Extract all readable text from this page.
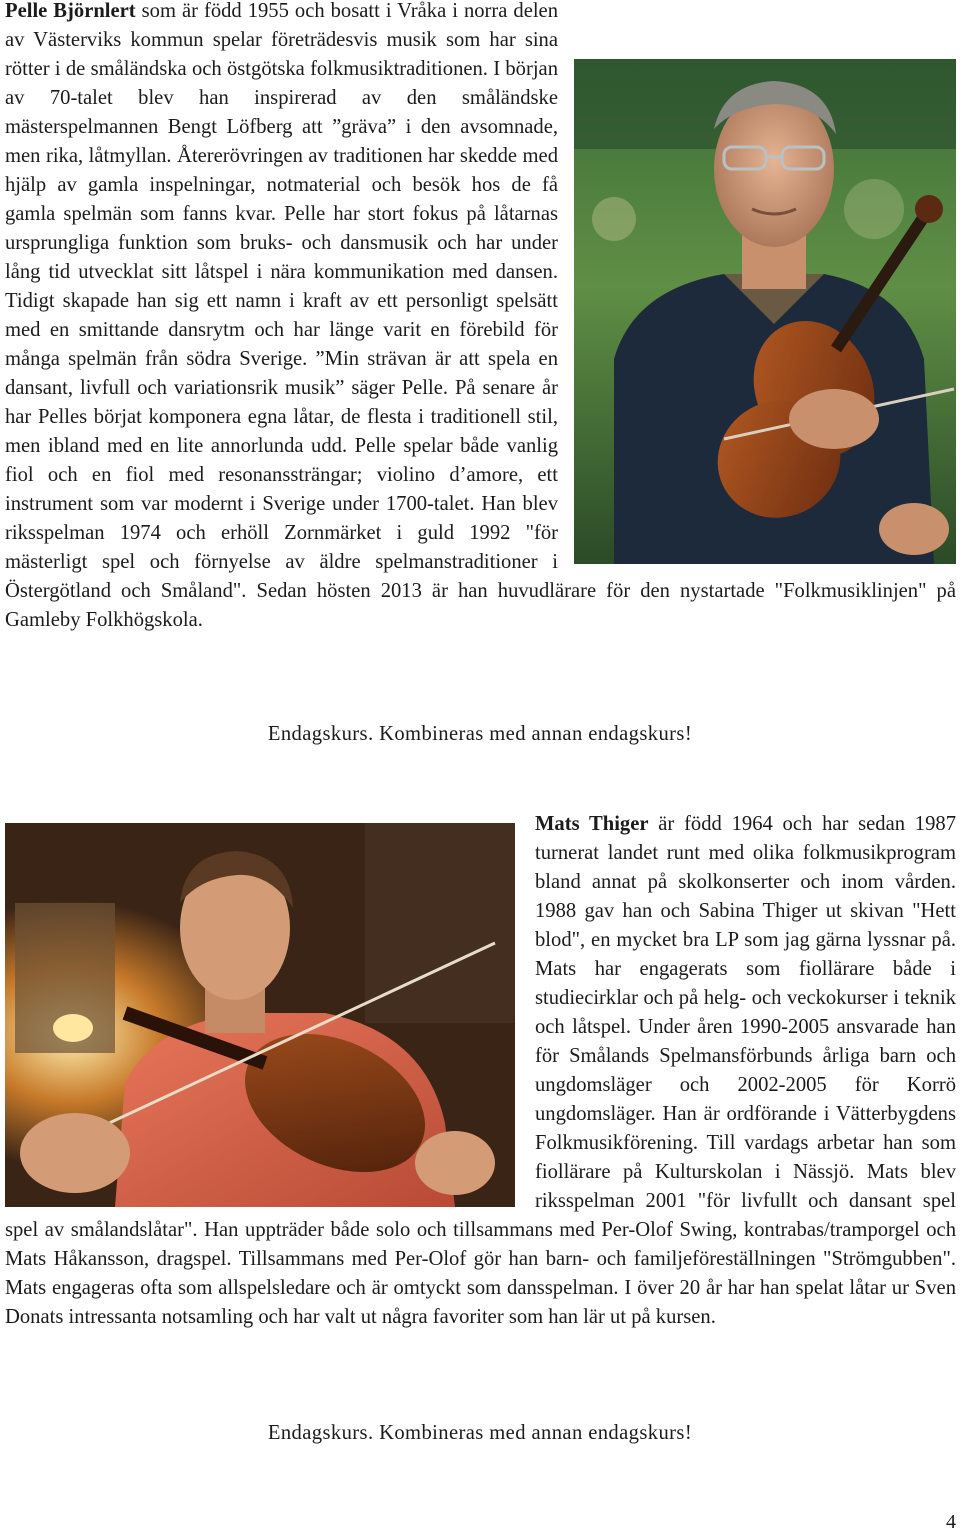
Pelle Björnlert som är född 1955 och bosatt i Vråka i norra delen av Västerviks kommun spelar företrädesvis musik som har sina rötter i de småländska och östgötska folkmusiktraditionen. I början av 70-talet blev han inspirerad av den småländske mästerspelmannen Bengt Löfberg att ”gräva” i den avsomnade, men rika, låtmyllan. Återerövringen av traditionen har skedde med hjälp av gamla inspelningar, notmaterial och besök hos de få gamla spelmän som fanns kvar. Pelle har stort fokus på låtarnas ursprungliga funktion som bruks- och dansmusik och har under lång tid utvecklat sitt låtspel i nära kommunikation med dansen. Tidigt skapade han sig ett namn i kraft av ett personligt spelsätt med en smittande dansrytm och har länge varit en förebild för många spelmän från södra Sverige. ”Min strävan är att spela en dansant, livfull och variationsrik musik” säger Pelle. På senare år har Pelles börjat komponera egna låtar, de flesta i traditionell stil, men ibland med en lite annorlunda udd. Pelle spelar både vanlig fiol och en fiol med resonanssträngar; violino d’amore, ett instrument som var modernt i Sverige under 1700-talet. Han blev riksspelman 1974 och erhöll Zornmärket i guld 1992 "för mästerligt spel och förnyelse av äldre spelmanstraditioner i Östergötland och Småland". Sedan hösten 2013 är han huvudlärare för den nystartade "Folkmusiklinjen" på Gamleby Folkhögskola.

Endagskurs. Kombineras med annan endagskurs!

Mats Thiger är född 1964 och har sedan 1987 turnerat landet runt med olika folkmusikprogram bland annat på skolkonserter och inom vården. 1988 gav han och Sabina Thiger ut skivan "Hett blod", en mycket bra LP som jag gärna lyssnar på. Mats har engagerats som fiollärare både i studiecirklar och på helg- och veckokurser i teknik och låtspel. Under åren 1990-2005 ansvarade han för Smålands Spelmansförbunds årliga barn och ungdomsläger och 2002-2005 för Korrö ungdomsläger. Han är ordförande i Vätterbygdens Folkmusikförening. Till vardags arbetar han som fiollärare på Kulturskolan i Nässjö. Mats blev riksspelman 2001 "för livfullt och dansant spel spel av smålandslåtar". Han uppträder både solo och tillsammans med Per-Olof Swing, kontrabas/tramporgel och Mats Håkansson, dragspel. Tillsammans med Per-Olof gör han barn- och familjeföreställningen "Strömgubben". Mats engageras ofta som allspelsledare och är omtyckt som dansspelman. I över 20 år har han spelat låtar ur Sven Donats intressanta notsamling och har valt ut några favoriter som han lär ut på kursen.

Endagskurs. Kombineras med annan endagskurs!
4
